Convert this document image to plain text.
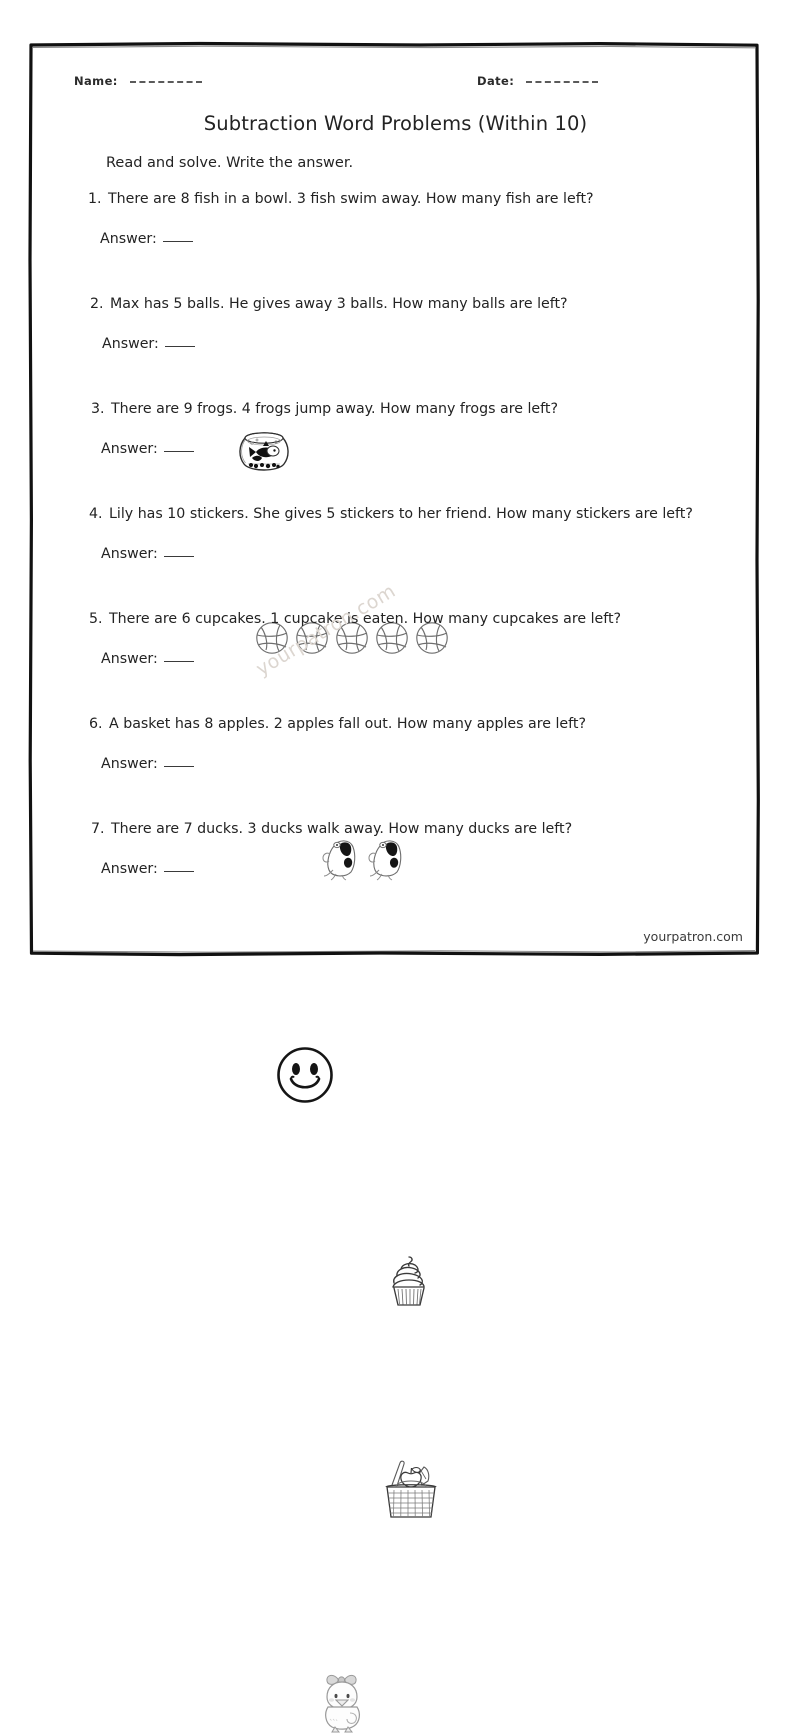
Name:	Date:
Subtraction Word Problems (Within 10)
Read and solve. Write the answer.
1. There are 8 fish in a bowl. 3 fish swim away. How many fish are left?
Answer:
2. Max has 5 balls. He gives away 3 balls. How many balls are left?
Answer:
3. There are 9 frogs. 4 frogs jump away. How many frogs are left?
Answer:
4. Lily has 10 stickers. She gives 5 stickers to her friend. How many stickers are left?
Answer:
5. There are 6 cupcakes. 1 cupcake is eaten. How many cupcakes are left?
Answer:
6. A basket has 8 apples. 2 apples fall out. How many apples are left?
Answer:
7. There are 7 ducks. 3 ducks walk away. How many ducks are left?
Answer:
yourpatron.com
yourpatron.com
